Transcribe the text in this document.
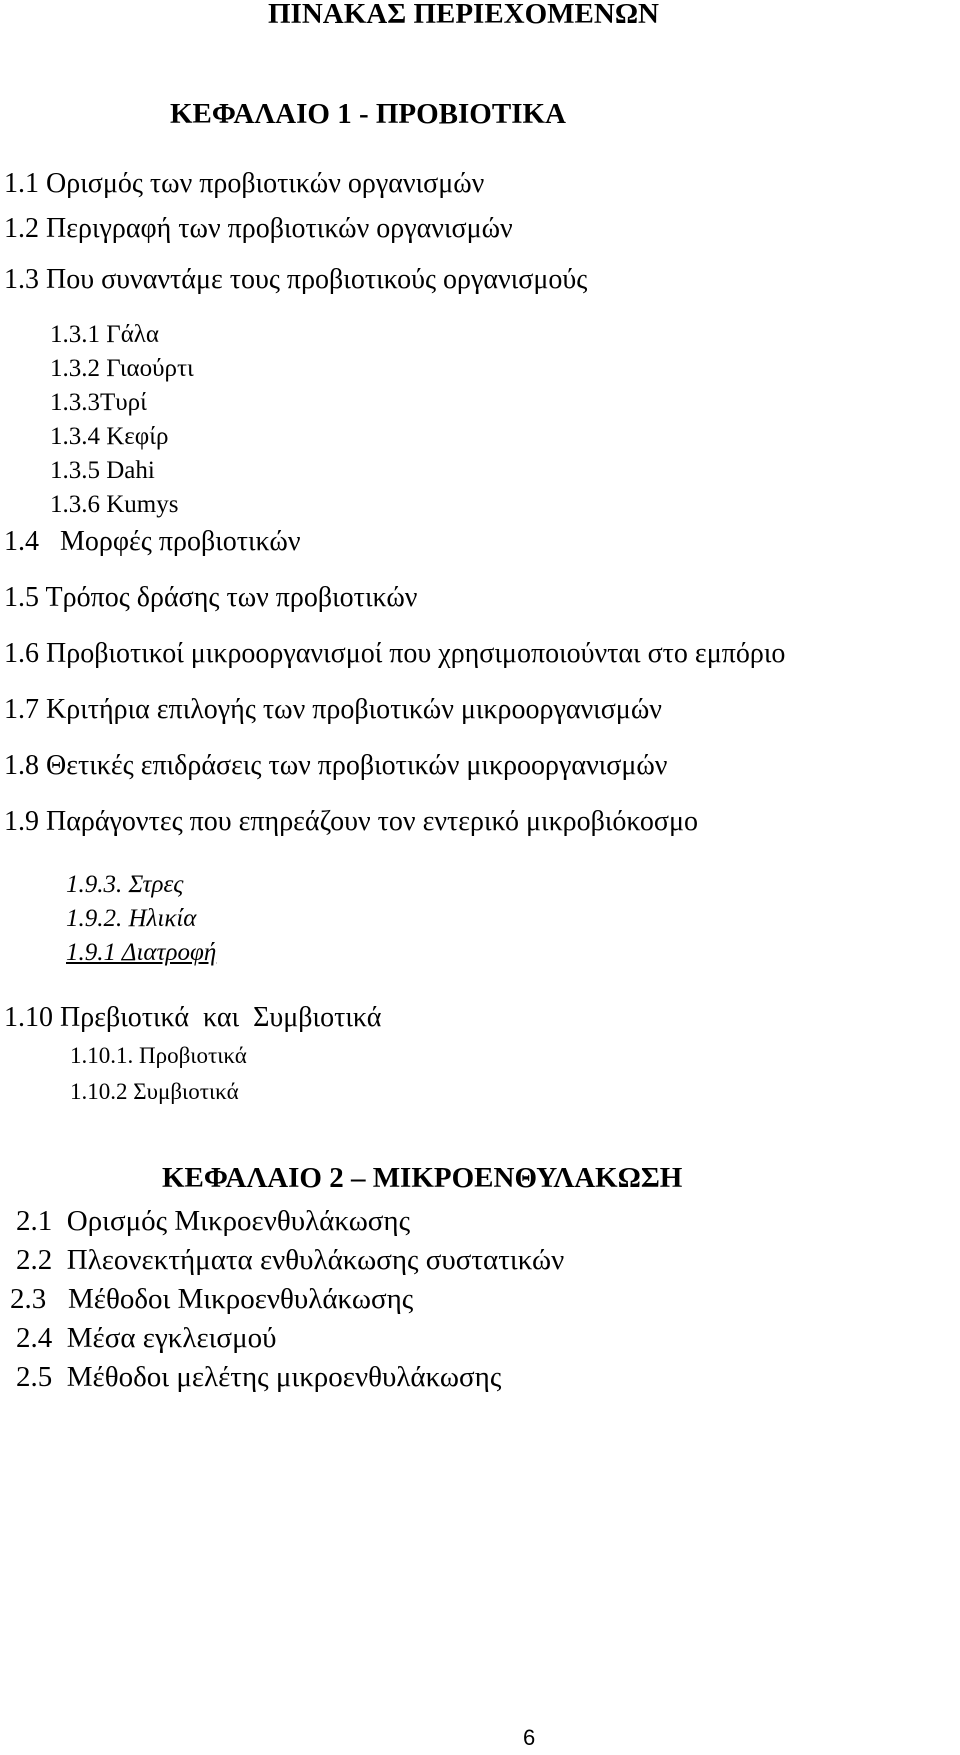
ΠΙΝΑΚΑΣ ΠΕΡΙΕΧΟΜΕΝΩΝ
ΚΕΦΑΛΑΙΟ 1 - ΠΡΟΒΙΟΤΙΚΑ
1.1 Ορισμός των προβιοτικών οργανισμών
1.2 Περιγραφή των προβιοτικών οργανισμών
1.3 Που συναντάμε τους προβιοτικούς οργανισμούς
1.3.1 Γάλα
1.3.2 Γιαούρτι
1.3.3Τυρί
1.3.4 Κεφίρ
1.3.5 Dahi
1.3.6 Kumys
1.4   Μορφές προβιοτικών
1.5 Τρόπος δράσης των προβιοτικών
1.6 Προβιοτικοί μικροοργανισμοί που χρησιμοποιούνται στο εμπόριο
1.7 Κριτήρια επιλογής των προβιοτικών μικροοργανισμών
1.8 Θετικές επιδράσεις των προβιοτικών μικροοργανισμών
1.9 Παράγοντες που επηρεάζουν τον εντερικό μικροβιόκοσμο
1.9.3. Στρες
1.9.2. Ηλικία
1.9.1 Διατροφή
1.10 Πρεβιοτικά  και  Συμβιοτικά
1.10.1. Προβιοτικά
1.10.2 Συμβιοτικά
ΚΕΦΑΛΑΙΟ 2 – ΜΙΚΡΟΕΝΘΥΛΑΚΩΣΗ
2.1  Ορισμός Μικροενθυλάκωσης
2.2  Πλεονεκτήματα ενθυλάκωσης συστατικών
2.3   Μέθοδοι Μικροενθυλάκωσης
2.4  Μέσα εγκλεισμού
2.5  Μέθοδοι μελέτης μικροενθυλάκωσης
6
